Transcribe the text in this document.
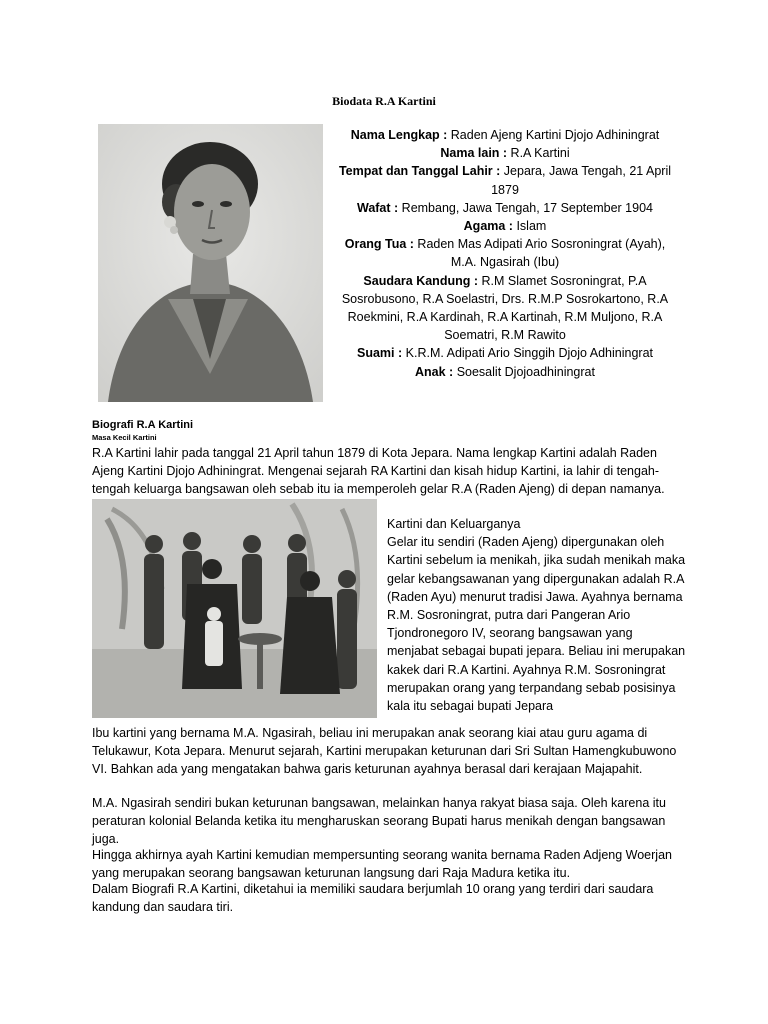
Biodata R.A Kartini
Nama Lengkap : Raden Ajeng Kartini Djojo Adhiningrat
Nama lain : R.A Kartini
Tempat dan Tanggal Lahir : Jepara, Jawa Tengah, 21 April 1879
Wafat : Rembang, Jawa Tengah, 17 September 1904
Agama : Islam
Orang Tua : Raden Mas Adipati Ario Sosroningrat (Ayah), M.A. Ngasirah (Ibu)
Saudara Kandung : R.M Slamet Sosroningrat, P.A Sosrobusono, R.A Soelastri, Drs. R.M.P Sosrokartono, R.A Roekmini, R.A Kardinah, R.A Kartinah, R.M Muljono, R.A Soematri, R.M Rawito
Suami : K.R.M. Adipati Ario Singgih Djojo Adhiningrat
Anak : Soesalit Djojoadhiningrat
Biografi R.A Kartini
Masa Kecil Kartini
R.A Kartini lahir pada tanggal 21 April tahun 1879 di Kota Jepara. Nama lengkap Kartini adalah Raden Ajeng Kartini Djojo Adhiningrat. Mengenai sejarah RA Kartini dan kisah hidup Kartini, ia lahir di tengah-tengah keluarga bangsawan oleh sebab itu ia memperoleh gelar R.A (Raden Ajeng) di depan namanya.
Kartini dan Keluarganya
Gelar itu sendiri (Raden Ajeng) dipergunakan oleh Kartini sebelum ia menikah, jika sudah menikah maka gelar kebangsawanan yang dipergunakan adalah R.A (Raden Ayu) menurut tradisi Jawa. Ayahnya bernama R.M. Sosroningrat, putra dari Pangeran Ario Tjondronegoro IV, seorang bangsawan yang menjabat sebagai bupati jepara. Beliau ini merupakan kakek dari R.A Kartini. Ayahnya R.M. Sosroningrat merupakan orang yang terpandang sebab posisinya kala itu sebagai bupati Jepara
Ibu kartini yang bernama M.A. Ngasirah, beliau ini merupakan anak seorang kiai atau guru agama di Telukawur, Kota Jepara. Menurut sejarah, Kartini merupakan keturunan dari Sri Sultan Hamengkubuwono VI. Bahkan ada yang mengatakan bahwa garis keturunan ayahnya berasal dari kerajaan Majapahit.
M.A. Ngasirah sendiri bukan keturunan bangsawan, melainkan hanya rakyat biasa saja. Oleh karena itu peraturan kolonial Belanda ketika itu mengharuskan seorang Bupati harus menikah dengan bangsawan juga.
Hingga akhirnya ayah Kartini kemudian mempersunting seorang wanita bernama Raden Adjeng Woerjan yang merupakan seorang bangsawan keturunan langsung dari Raja Madura ketika itu.
Dalam Biografi R.A Kartini, diketahui ia memiliki saudara berjumlah 10 orang yang terdiri dari saudara kandung dan saudara tiri.
